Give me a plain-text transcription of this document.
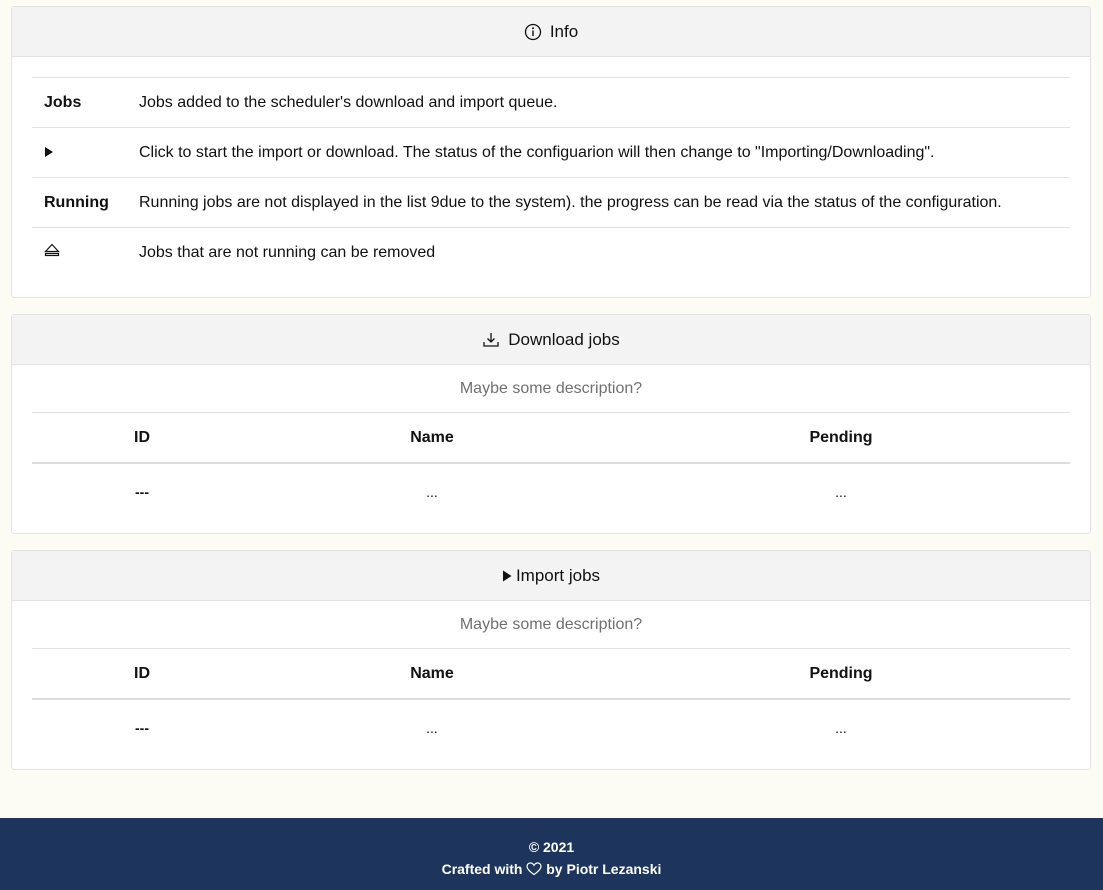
Info
Jobs	Jobs added to the scheduler's download and import queue.
	Click to start the import or download. The status of the configuarion will then change to "Importing/Downloading".
Running	Running jobs are not displayed in the list 9due to the system). the progress can be read via the status of the configuration.
	Jobs that are not running can be removed
Download jobs
Maybe some description?
ID	Name	Pending
---	...	...
Import jobs
Maybe some description?
ID	Name	Pending
---	...	...
© 2021
Crafted with by Piotr Lezanski
